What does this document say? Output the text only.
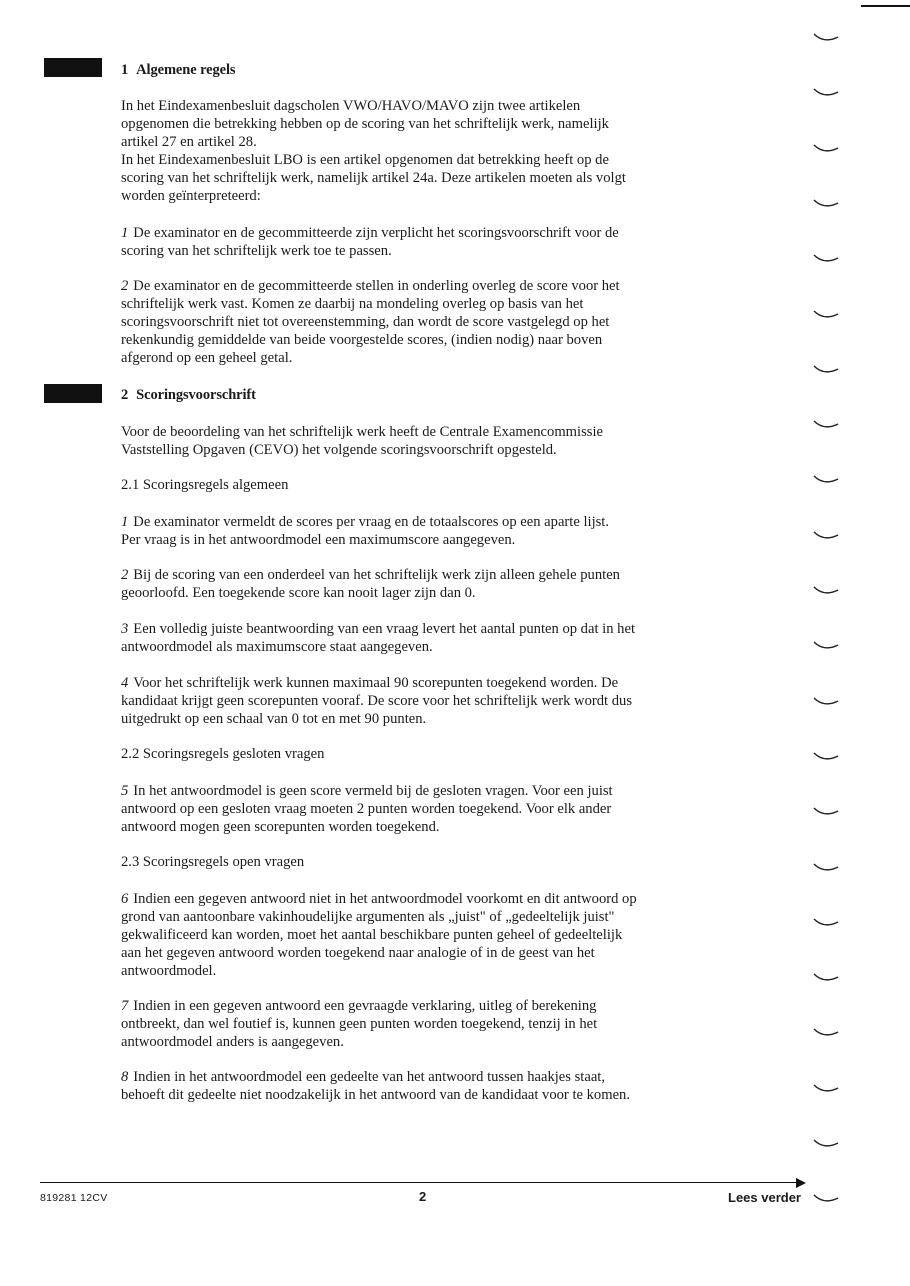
1 Algemene regels
In het Eindexamenbesluit dagscholen VWO/HAVO/MAVO zijn twee artikelen
opgenomen die betrekking hebben op de scoring van het schriftelijk werk, namelijk
artikel 27 en artikel 28.
In het Eindexamenbesluit LBO is een artikel opgenomen dat betrekking heeft op de
scoring van het schriftelijk werk, namelijk artikel 24a. Deze artikelen moeten als volgt
worden geïnterpreteerd:
1 De examinator en de gecommitteerde zijn verplicht het scoringsvoorschrift voor de
scoring van het schriftelijk werk toe te passen.
2 De examinator en de gecommitteerde stellen in onderling overleg de score voor het
schriftelijk werk vast. Komen ze daarbij na mondeling overleg op basis van het
scoringsvoorschrift niet tot overeenstemming, dan wordt de score vastgelegd op het
rekenkundig gemiddelde van beide voorgestelde scores, (indien nodig) naar boven
afgerond op een geheel getal.
2 Scoringsvoorschrift
Voor de beoordeling van het schriftelijk werk heeft de Centrale Examencommissie
Vaststelling Opgaven (CEVO) het volgende scoringsvoorschrift opgesteld.
2.1 Scoringsregels algemeen
1 De examinator vermeldt de scores per vraag en de totaalscores op een aparte lijst.
Per vraag is in het antwoordmodel een maximumscore aangegeven.
2 Bij de scoring van een onderdeel van het schriftelijk werk zijn alleen gehele punten
geoorloofd. Een toegekende score kan nooit lager zijn dan 0.
3 Een volledig juiste beantwoording van een vraag levert het aantal punten op dat in het
antwoordmodel als maximumscore staat aangegeven.
4 Voor het schriftelijk werk kunnen maximaal 90 scorepunten toegekend worden. De
kandidaat krijgt geen scorepunten vooraf. De score voor het schriftelijk werk wordt dus
uitgedrukt op een schaal van 0 tot en met 90 punten.
2.2 Scoringsregels gesloten vragen
5 In het antwoordmodel is geen score vermeld bij de gesloten vragen. Voor een juist
antwoord op een gesloten vraag moeten 2 punten worden toegekend. Voor elk ander
antwoord mogen geen scorepunten worden toegekend.
2.3 Scoringsregels open vragen
6 Indien een gegeven antwoord niet in het antwoordmodel voorkomt en dit antwoord op
grond van aantoonbare vakinhoudelijke argumenten als „juist" of „gedeeltelijk juist"
gekwalificeerd kan worden, moet het aantal beschikbare punten geheel of gedeeltelijk
aan het gegeven antwoord worden toegekend naar analogie of in de geest van het
antwoordmodel.
7 Indien in een gegeven antwoord een gevraagde verklaring, uitleg of berekening
ontbreekt, dan wel foutief is, kunnen geen punten worden toegekend, tenzij in het
antwoordmodel anders is aangegeven.
8 Indien in het antwoordmodel een gedeelte van het antwoord tussen haakjes staat,
behoeft dit gedeelte niet noodzakelijk in het antwoord van de kandidaat voor te komen.
819281 12CV	2	Lees verder
